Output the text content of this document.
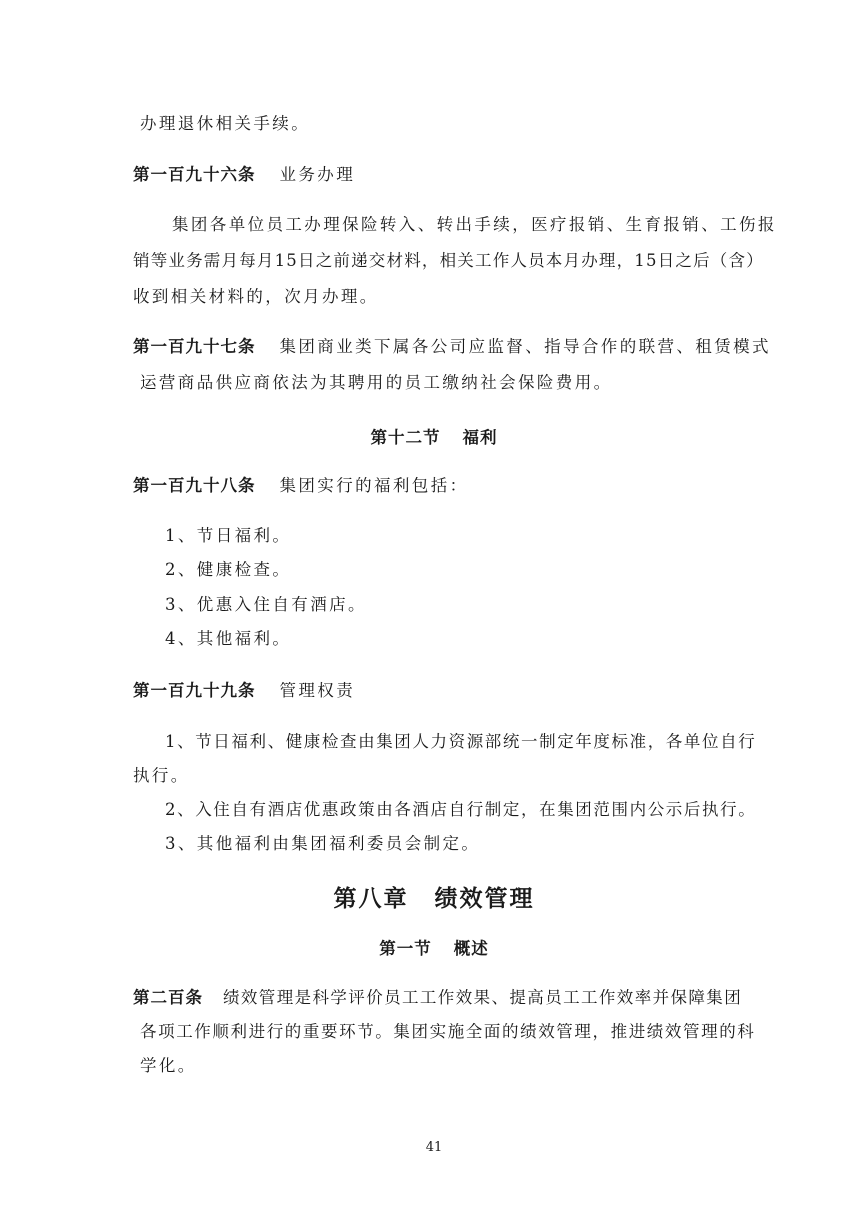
办理退休相关手续。
第一百九十六条 业务办理
集团各单位员工办理保险转入、转出手续，医疗报销、生育报销、工伤报
销等业务需月每月15日之前递交材料，相关工作人员本月办理，15日之后（含）
收到相关材料的，次月办理。
第一百九十七条 集团商业类下属各公司应监督、指导合作的联营、租赁模式
运营商品供应商依法为其聘用的员工缴纳社会保险费用。
第十二节 福利
第一百九十八条 集团实行的福利包括：
1、节日福利。
2、健康检查。
3、优惠入住自有酒店。
4、其他福利。
第一百九十九条 管理权责
1、节日福利、健康检查由集团人力资源部统一制定年度标准，各单位自行
执行。
2、入住自有酒店优惠政策由各酒店自行制定，在集团范围内公示后执行。
3、其他福利由集团福利委员会制定。
第八章 绩效管理
第一节 概述
第二百条 绩效管理是科学评价员工工作效果、提高员工工作效率并保障集团
各项工作顺利进行的重要环节。集团实施全面的绩效管理，推进绩效管理的科
学化。
41
